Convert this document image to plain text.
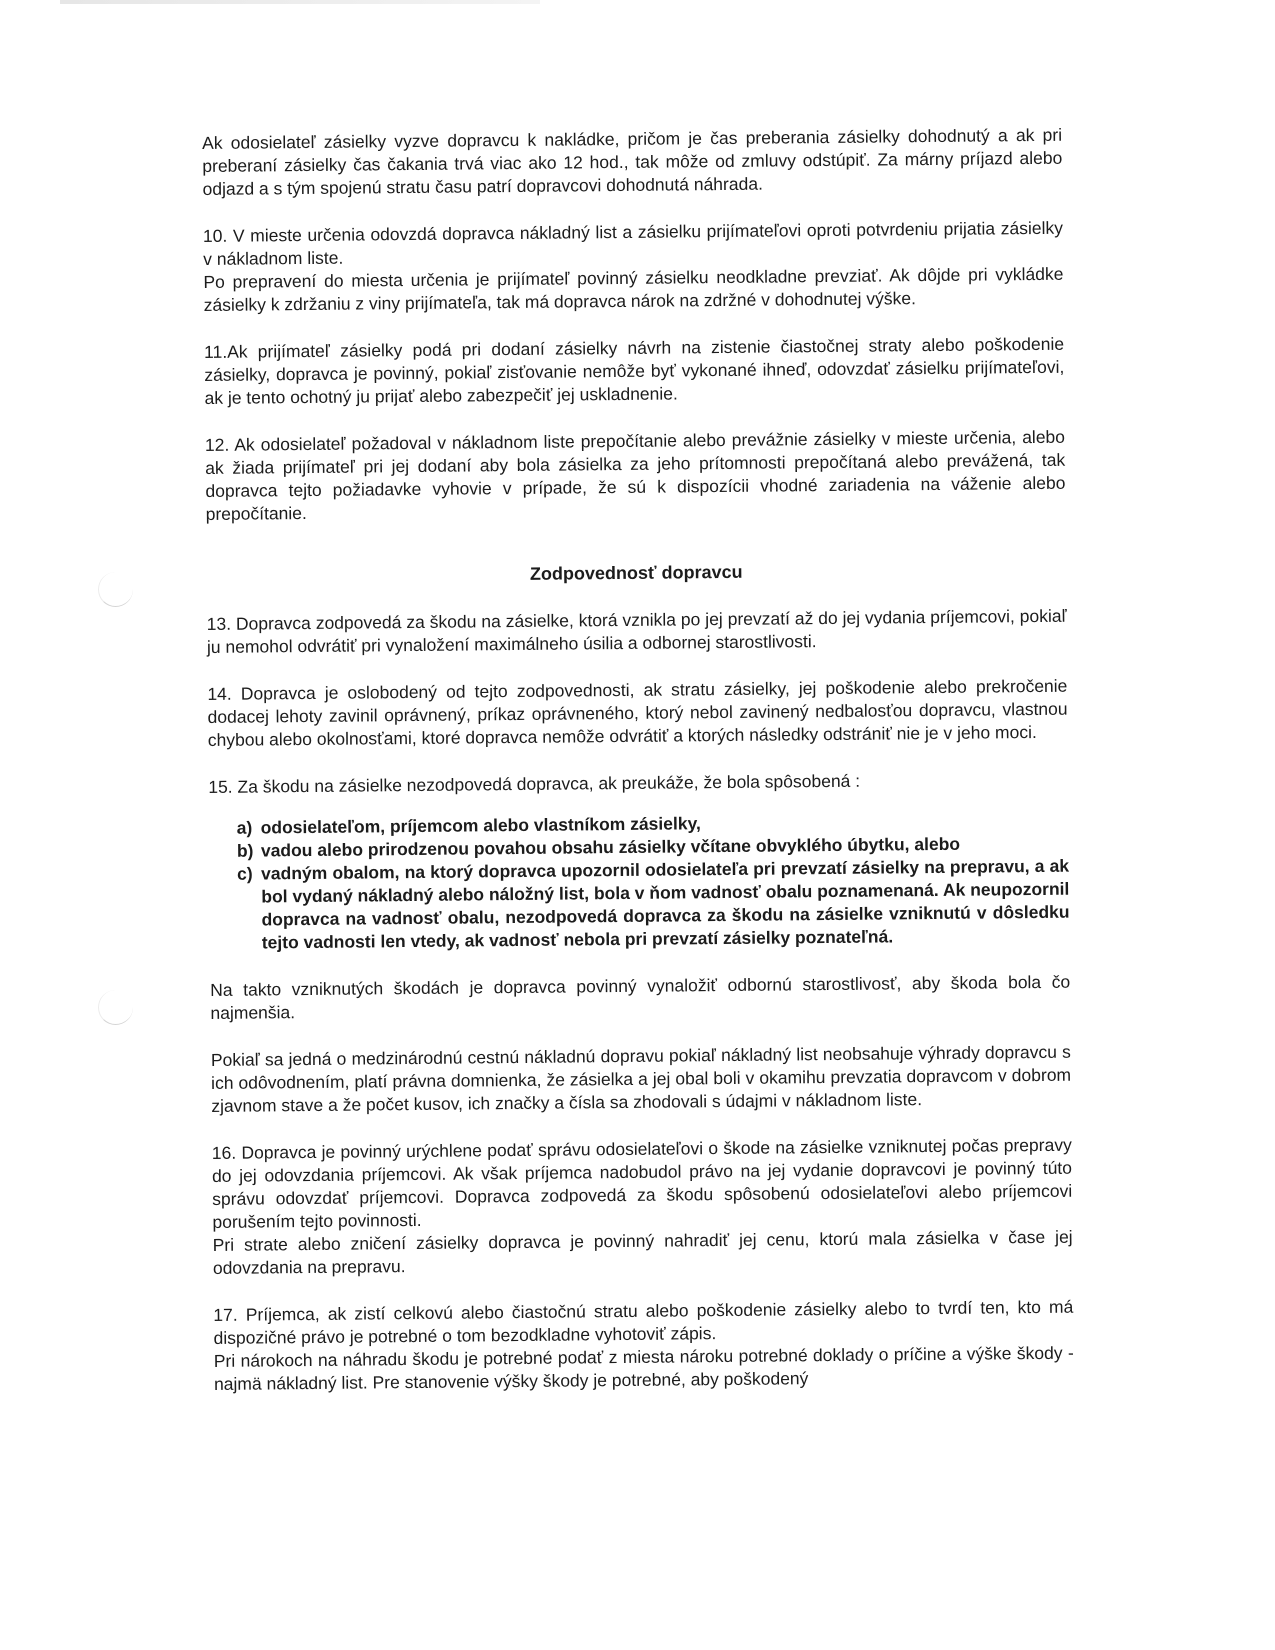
Ak odosielateľ zásielky vyzve dopravcu k nakládke, pričom je čas preberania zásielky dohodnutý a ak pri preberaní zásielky čas čakania trvá viac ako 12 hod., tak môže od zmluvy odstúpiť. Za márny príjazd alebo odjazd a s tým spojenú stratu času patrí dopravcovi dohodnutá náhrada.

10. V mieste určenia odovzdá dopravca nákladný list a zásielku prijímateľovi oproti potvrdeniu prijatia zásielky v nákladnom liste.
Po prepravení do miesta určenia je prijímateľ povinný zásielku neodkladne prevziať. Ak dôjde pri vykládke zásielky k zdržaniu z viny prijímateľa, tak má dopravca nárok na zdržné v dohodnutej výške.

11.Ak prijímateľ zásielky podá pri dodaní zásielky návrh na zistenie čiastočnej straty alebo poškodenie zásielky, dopravca je povinný, pokiaľ zisťovanie nemôže byť vykonané ihneď, odovzdať zásielku prijímateľovi, ak je tento ochotný ju prijať alebo zabezpečiť jej uskladnenie.

12. Ak odosielateľ požadoval v nákladnom liste prepočítanie alebo prevážnie zásielky v mieste určenia, alebo ak žiada prijímateľ pri jej dodaní aby bola zásielka za jeho prítomnosti prepočítaná alebo prevážená, tak dopravca tejto požiadavke vyhovie v prípade, že sú k dispozícii vhodné zariadenia na váženie alebo prepočítanie.

Zodpovednosť dopravcu

13. Dopravca zodpovedá za škodu na zásielke, ktorá vznikla po jej prevzatí až do jej vydania príjemcovi, pokiaľ ju nemohol odvrátiť pri vynaložení maximálneho úsilia a odbornej starostlivosti.

14. Dopravca je oslobodený od tejto zodpovednosti, ak stratu zásielky, jej poškodenie alebo prekročenie dodacej lehoty zavinil oprávnený, príkaz oprávneného, ktorý nebol zavinený nedbalosťou dopravcu, vlastnou chybou alebo okolnosťami, ktoré dopravca nemôže odvrátiť a ktorých následky odstrániť nie je v jeho moci.

15. Za škodu na zásielke nezodpovedá dopravca, ak preukáže, že bola spôsobená :

a) odosielateľom, príjemcom alebo vlastníkom zásielky,
b) vadou alebo prirodzenou povahou obsahu zásielky včítane obvyklého úbytku, alebo
c) vadným obalom, na ktorý dopravca upozornil odosielateľa pri prevzatí zásielky na prepravu, a ak bol vydaný nákladný alebo náložný list, bola v ňom vadnosť obalu poznamenaná. Ak neupozornil dopravca na vadnosť obalu, nezodpovedá dopravca za škodu na zásielke vzniknutú v dôsledku tejto vadnosti len vtedy, ak vadnosť nebola pri prevzatí zásielky poznateľná.

Na takto vzniknutých škodách je dopravca povinný vynaložiť odbornú starostlivosť, aby škoda bola čo najmenšia.

Pokiaľ sa jedná o medzinárodnú cestnú nákladnú dopravu pokiaľ nákladný list neobsahuje výhrady dopravcu s ich odôvodnením, platí právna domnienka, že zásielka a jej obal boli v okamihu prevzatia dopravcom v dobrom zjavnom stave a že počet kusov, ich značky a čísla sa zhodovali s údajmi v nákladnom liste.

16. Dopravca je povinný urýchlene podať správu odosielateľovi o škode na zásielke vzniknutej počas prepravy do jej odovzdania príjemcovi. Ak však príjemca nadobudol právo na jej vydanie dopravcovi je povinný túto správu odovzdať príjemcovi. Dopravca zodpovedá za škodu spôsobenú odosielateľovi alebo príjemcovi porušením tejto povinnosti.
Pri strate alebo zničení zásielky dopravca je povinný nahradiť jej cenu, ktorú mala zásielka v čase jej odovzdania na prepravu.
17. Príjemca, ak zistí celkovú alebo čiastočnú stratu alebo poškodenie zásielky alebo to tvrdí ten, kto má dispozičné právo je potrebné o tom bezodkladne vyhotoviť zápis.
Pri nárokoch na náhradu škodu je potrebné podať z miesta nároku potrebné doklady o príčine a výške škody - najmä nákladný list. Pre stanovenie výšky škody je potrebné, aby poškodený
